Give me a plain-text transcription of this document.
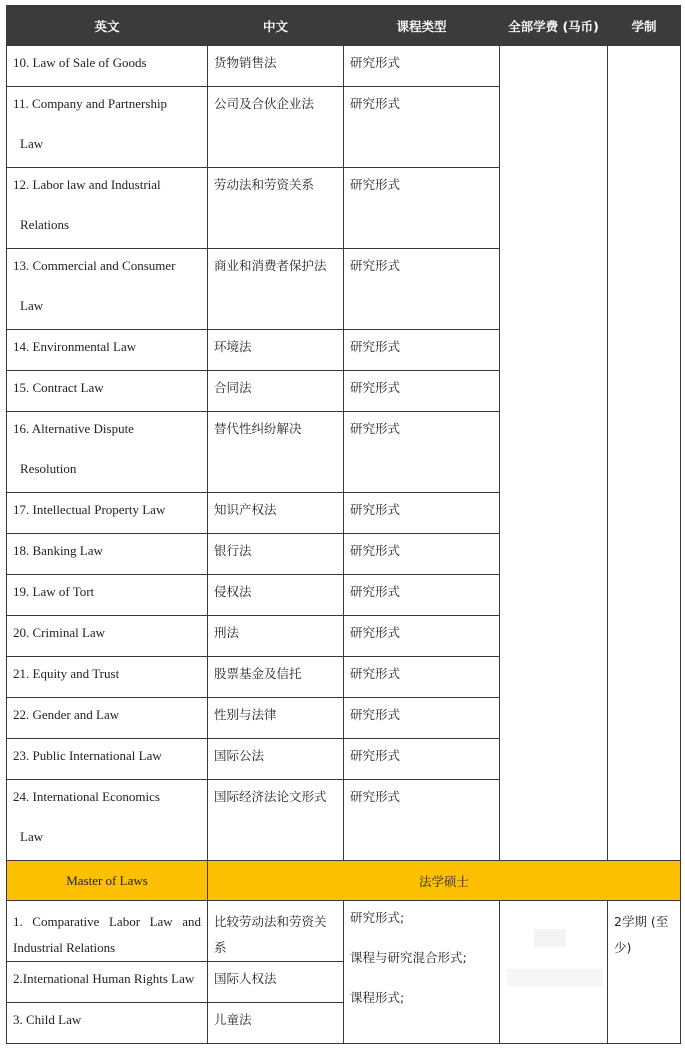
英文	中文	课程类型	全部学费 (马币)	学制

10. Law of Sale of Goods	货物销售法	研究形式		

11. Company and Partnership
Law	公司及合伙企业法	研究形式		

12. Labor law and Industrial
Relations	劳动法和劳资关系	研究形式		

13. Commercial and Consumer
Law	商业和消费者保护法	研究形式		

14. Environmental Law	环境法	研究形式		

15. Contract Law	合同法	研究形式		

16. Alternative Dispute
Resolution	替代性纠纷解决	研究形式		

17. Intellectual Property Law	知识产权法	研究形式		

18. Banking Law	银行法	研究形式		

19. Law of Tort	侵权法	研究形式		

20. Criminal Law	刑法	研究形式		

21. Equity and Trust	股票基金及信托	研究形式		

22. Gender and Law	性别与法律	研究形式		

23. Public International Law	国际公法	研究形式		

24. International Economics
Law	国际经济法论文形式	研究形式		
Master of Laws	法学硕士			
1. Comparative Labor Law and Industrial Relations	比较劳动法和劳资关系	研究形式;
课程与研究混合形式;
课程形式;		2学期 (至少)

2.International Human Rights Law	国际人权法			

3. Child Law	儿童法			
